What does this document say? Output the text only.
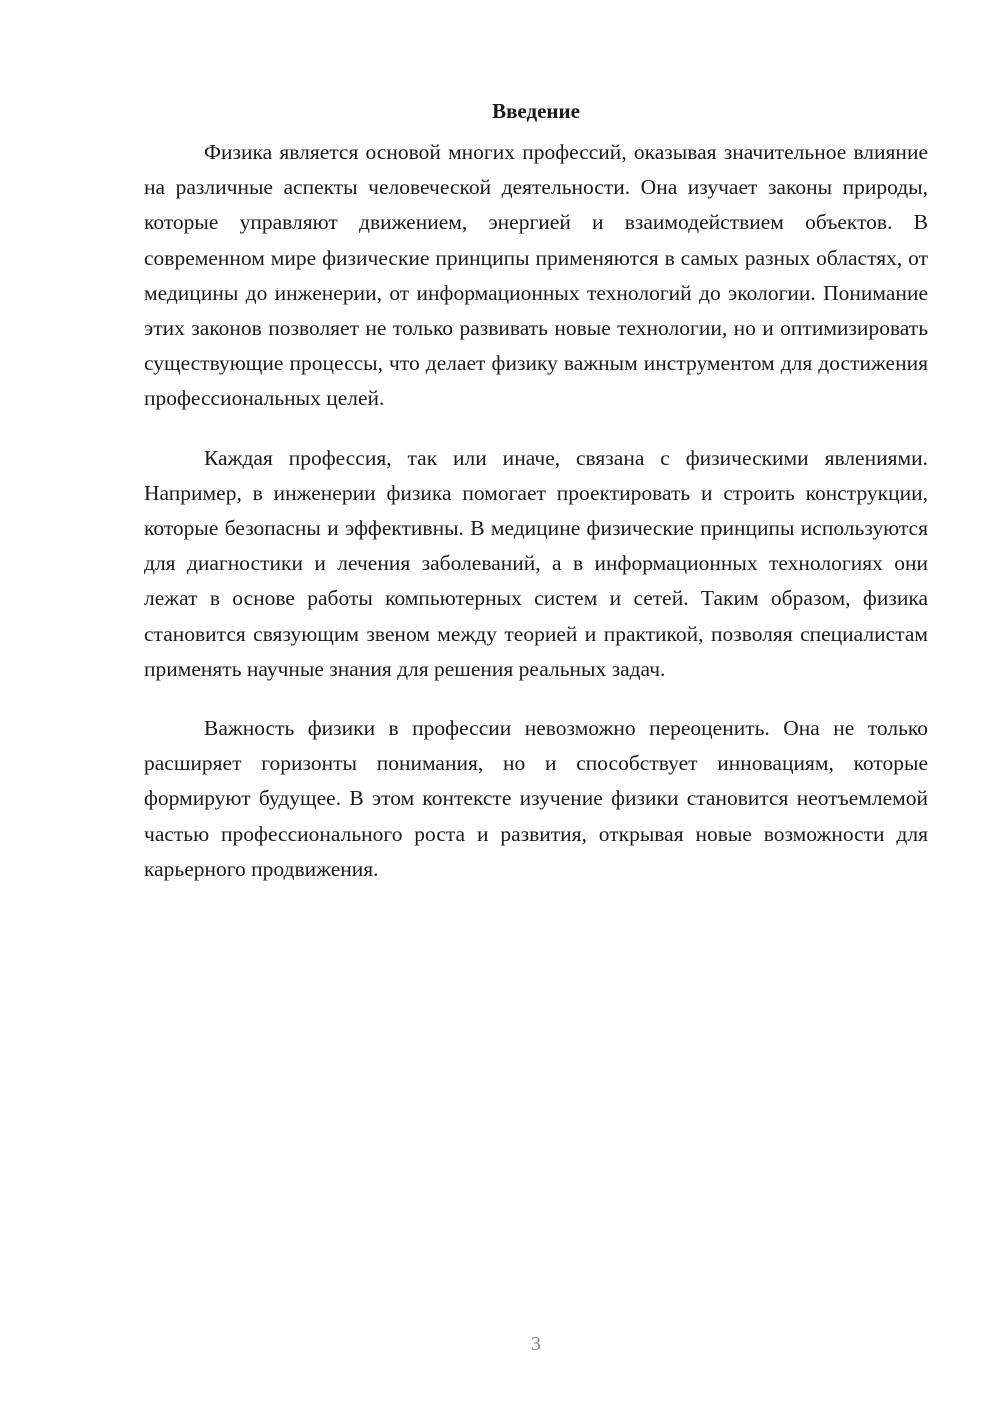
Введение

Физика является основой многих профессий, оказывая значительное влияние на различные аспекты человеческой деятельности. Она изучает законы природы, которые управляют движением, энергией и взаимодействием объектов. В современном мире физические принципы применяются в самых разных областях, от медицины до инженерии, от информационных технологий до экологии. Понимание этих законов позволяет не только развивать новые технологии, но и оптимизировать существующие процессы, что делает физику важным инструментом для достижения профессиональных целей.

Каждая профессия, так или иначе, связана с физическими явлениями. Например, в инженерии физика помогает проектировать и строить конструкции, которые безопасны и эффективны. В медицине физические принципы используются для диагностики и лечения заболеваний, а в информационных технологиях они лежат в основе работы компьютерных систем и сетей. Таким образом, физика становится связующим звеном между теорией и практикой, позволяя специалистам применять научные знания для решения реальных задач.

Важность физики в профессии невозможно переоценить. Она не только расширяет горизонты понимания, но и способствует инновациям, которые формируют будущее. В этом контексте изучение физики становится неотъемлемой частью профессионального роста и развития, открывая новые возможности для карьерного продвижения.

3
